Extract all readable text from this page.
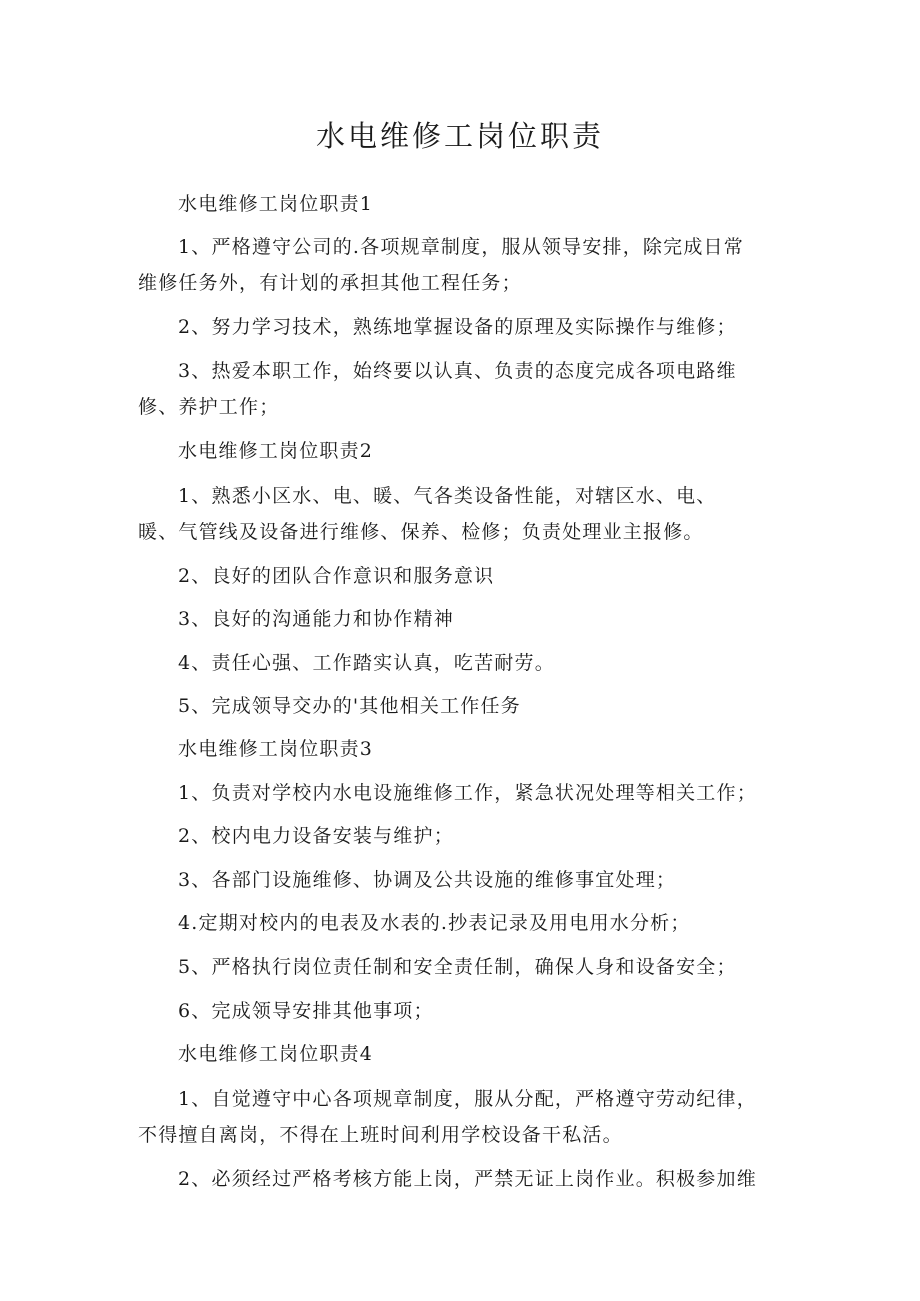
水电维修工岗位职责
水电维修工岗位职责1
1、严格遵守公司的.各项规章制度，服从领导安排，除完成日常
维修任务外，有计划的承担其他工程任务；
2、努力学习技术，熟练地掌握设备的原理及实际操作与维修；
3、热爱本职工作，始终要以认真、负责的态度完成各项电路维
修、养护工作；
水电维修工岗位职责2
1、熟悉小区水、电、暖、气各类设备性能，对辖区水、电、
暖、气管线及设备进行维修、保养、检修；负责处理业主报修。
2、良好的团队合作意识和服务意识
3、良好的沟通能力和协作精神
4、责任心强、工作踏实认真，吃苦耐劳。
5、完成领导交办的'其他相关工作任务
水电维修工岗位职责3
1、负责对学校内水电设施维修工作，紧急状况处理等相关工作；
2、校内电力设备安装与维护；
3、各部门设施维修、协调及公共设施的维修事宜处理；
4.定期对校内的电表及水表的.抄表记录及用电用水分析；
5、严格执行岗位责任制和安全责任制，确保人身和设备安全；
6、完成领导安排其他事项；
水电维修工岗位职责4
1、自觉遵守中心各项规章制度，服从分配，严格遵守劳动纪律，
不得擅自离岗，不得在上班时间利用学校设备干私活。
2、必须经过严格考核方能上岗，严禁无证上岗作业。积极参加维
